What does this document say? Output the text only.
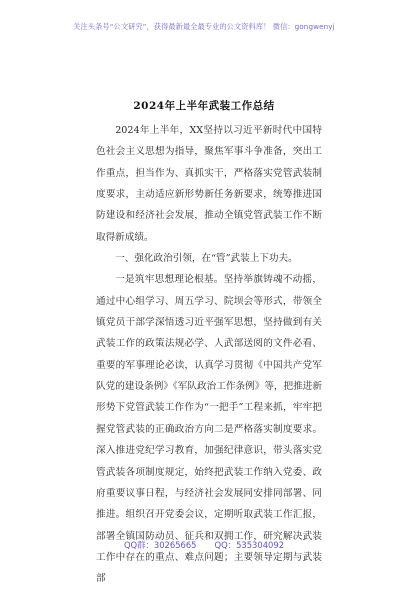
关注头条号“公文研究”，获得最新最全最专业的公文资料库！ 微信：gongwenyj
2024年上半年武装工作总结

2024年上半年，XX坚持以习近平新时代中国特色社会主义思想为指导，聚焦军事斗争准备，突出工作重点，担当作为、真抓实干，严格落实党管武装制度要求，主动适应新形势新任务新要求，统筹推进国防建设和经济社会发展，推动全镇党管武装工作不断取得新成绩。

一、强化政治引领，在“管”武装上下功夫。

一是筑牢思想理论根基。坚持举旗铸魂不动摇，通过中心组学习、周五学习、院坝会等形式，带领全镇党员干部学深悟透习近平强军思想，坚持做到有关武装工作的政策法规必学、人武部送阅的文件必看、重要的军事理论必读，认真学习贯彻《中国共产党军队党的建设条例》《军队政治工作条例》等，把推进新形势下党管武装工作作为“一把手”工程来抓，牢牢把握党管武装的正确政治方向二是严格落实制度要求。深入推进党纪学习教育，加强纪律意识，带头落实党管武装各项制度规定，始终把武装工作纳入党委、政府重要议事日程，与经济社会发展同安排同部署、同推进。组织召开党委会议，定期听取武装工作汇报，部署全镇国防动员、征兵和双拥工作，研究解决武装工作中存在的重点、难点问题；主要领导定期与武装部

QQ群：30265665 QQ：535304092
